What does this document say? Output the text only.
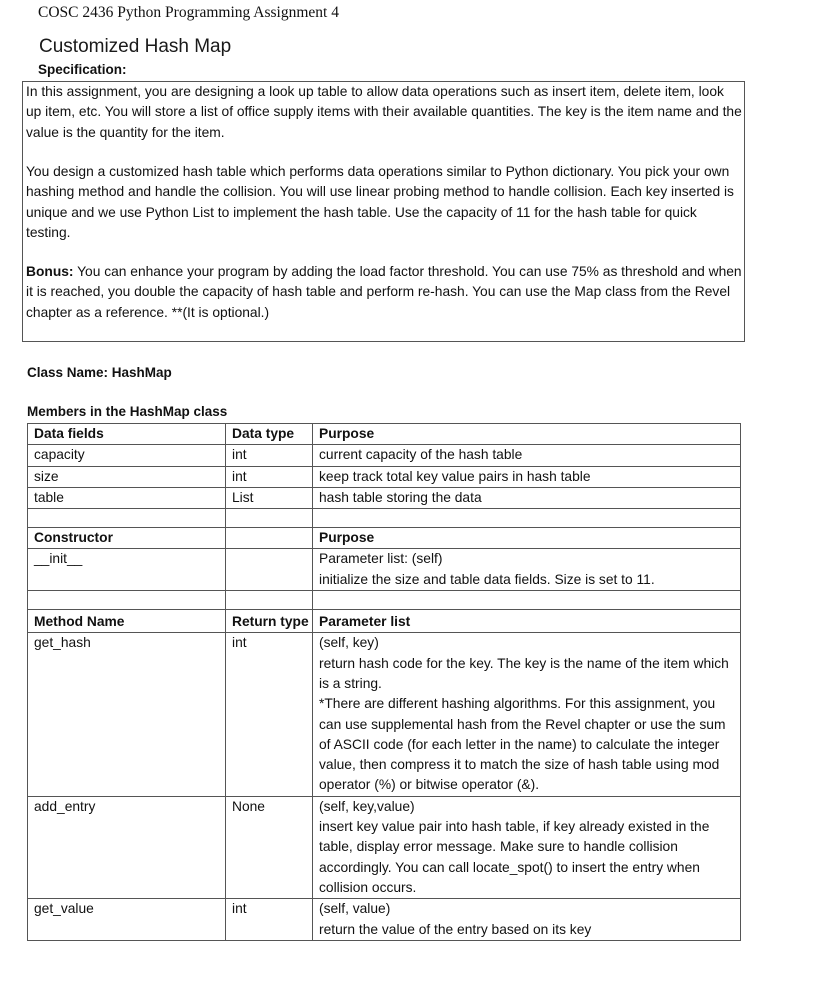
COSC 2436 Python Programming Assignment 4
Customized Hash Map
Specification:
In this assignment, you are designing a look up table to allow data operations such as insert item, delete item, look up item, etc. You will store a list of office supply items with their available quantities. The key is the item name and the value is the quantity for the item.
You design a customized hash table which performs data operations similar to Python dictionary. You pick your own hashing method and handle the collision. You will use linear probing method to handle collision. Each key inserted is unique and we use Python List to implement the hash table. Use the capacity of 11 for the hash table for quick testing.
Bonus: You can enhance your program by adding the load factor threshold. You can use 75% as threshold and when it is reached, you double the capacity of hash table and perform re-hash. You can use the Map class from the Revel chapter as a reference. **(It is optional.)
Class Name: HashMap
Members in the HashMap class
Data fields	Data type	Purpose
capacity	int	current capacity of the hash table
size	int	keep track total key value pairs in hash table
table	List	hash table storing the data

Constructor		Purpose
__init__		Parameter list: (self)
initialize the size and table data fields. Size is set to 11.

Method Name	Return type	Parameter list
get_hash	int	(self, key)
return hash code for the key. The key is the name of the item which is a string.
*There are different hashing algorithms. For this assignment, you can use supplemental hash from the Revel chapter or use the sum of ASCII code (for each letter in the name) to calculate the integer value, then compress it to match the size of hash table using mod operator (%) or bitwise operator (&).

add_entry	None	(self, key,value)
insert key value pair into hash table, if key already existed in the table, display error message. Make sure to handle collision accordingly. You can call locate_spot() to insert the entry when collision occurs.

get_value	int	(self, value)
return the value of the entry based on its key
